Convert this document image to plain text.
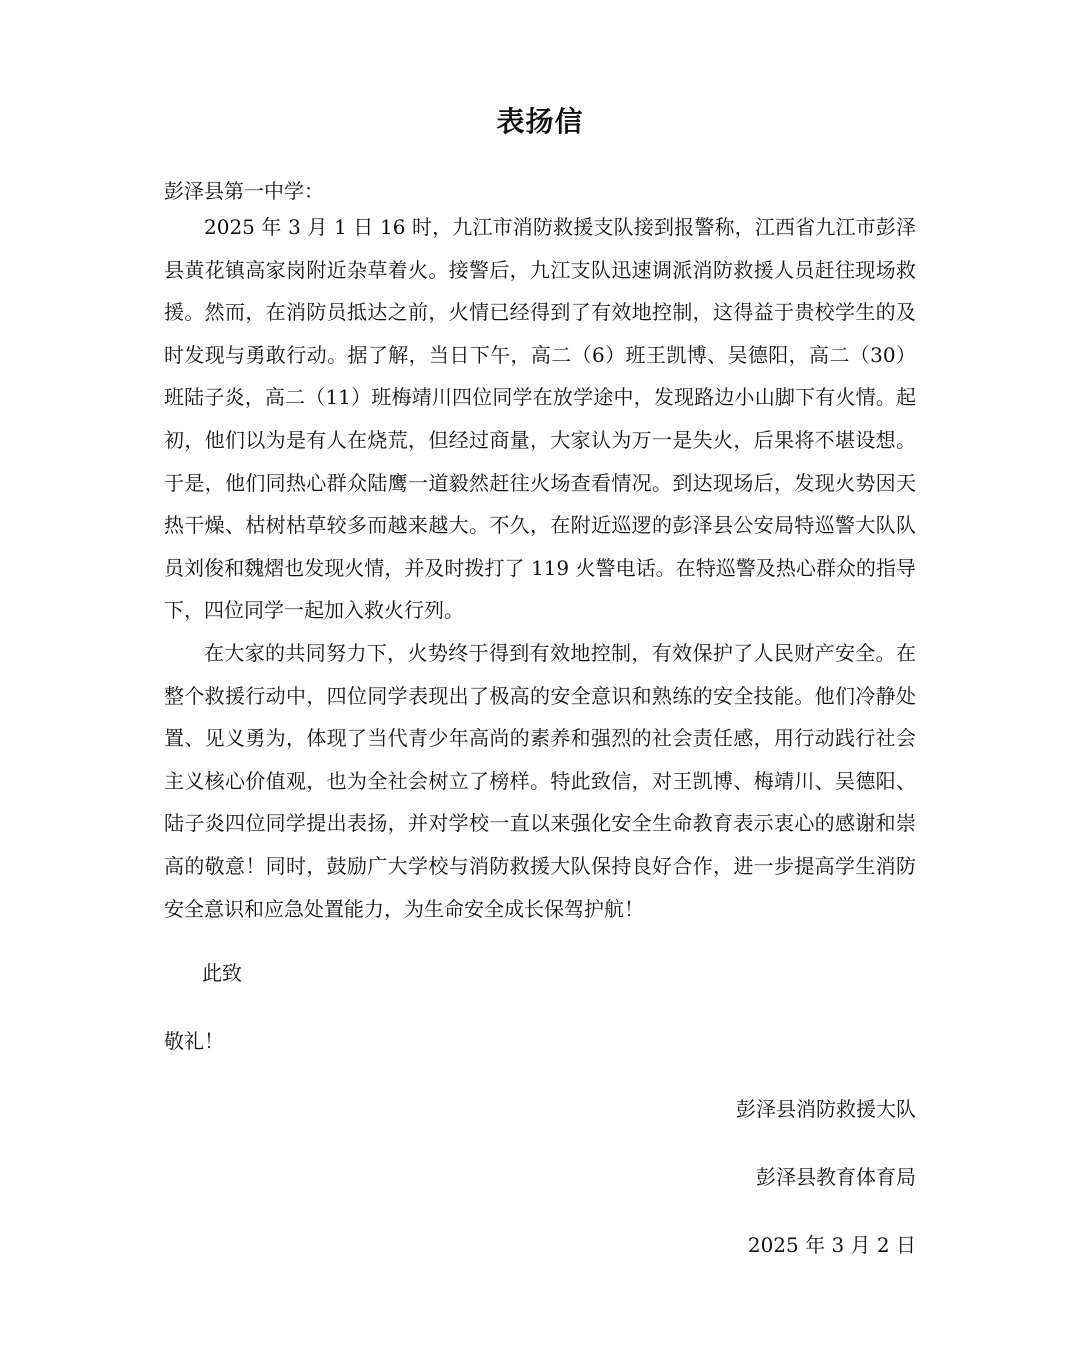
表扬信
彭泽县第一中学：

2025 年 3 月 1 日 16 时，九江市消防救援支队接到报警称，江西省九江市彭泽县黄花镇高家岗附近杂草着火。接警后，九江支队迅速调派消防救援人员赶往现场救援。然而，在消防员抵达之前，火情已经得到了有效地控制，这得益于贵校学生的及时发现与勇敢行动。据了解，当日下午，高二（6）班王凯博、吴德阳，高二（30）班陆子炎，高二（11）班梅靖川四位同学在放学途中，发现路边小山脚下有火情。起初，他们以为是有人在烧荒，但经过商量，大家认为万一是失火，后果将不堪设想。于是，他们同热心群众陆鹰一道毅然赶往火场查看情况。到达现场后，发现火势因天热干燥、枯树枯草较多而越来越大。不久，在附近巡逻的彭泽县公安局特巡警大队队员刘俊和魏熠也发现火情，并及时拨打了 119 火警电话。在特巡警及热心群众的指导下，四位同学一起加入救火行列。

在大家的共同努力下，火势终于得到有效地控制，有效保护了人民财产安全。在整个救援行动中，四位同学表现出了极高的安全意识和熟练的安全技能。他们冷静处置、见义勇为，体现了当代青少年高尚的素养和强烈的社会责任感，用行动践行社会主义核心价值观，也为全社会树立了榜样。特此致信，对王凯博、梅靖川、吴德阳、陆子炎四位同学提出表扬，并对学校一直以来强化安全生命教育表示衷心的感谢和崇高的敬意！同时，鼓励广大学校与消防救援大队保持良好合作，进一步提高学生消防安全意识和应急处置能力，为生命安全成长保驾护航！

此致
敬礼！
彭泽县消防救援大队
彭泽县教育体育局
2025 年 3 月 2 日
